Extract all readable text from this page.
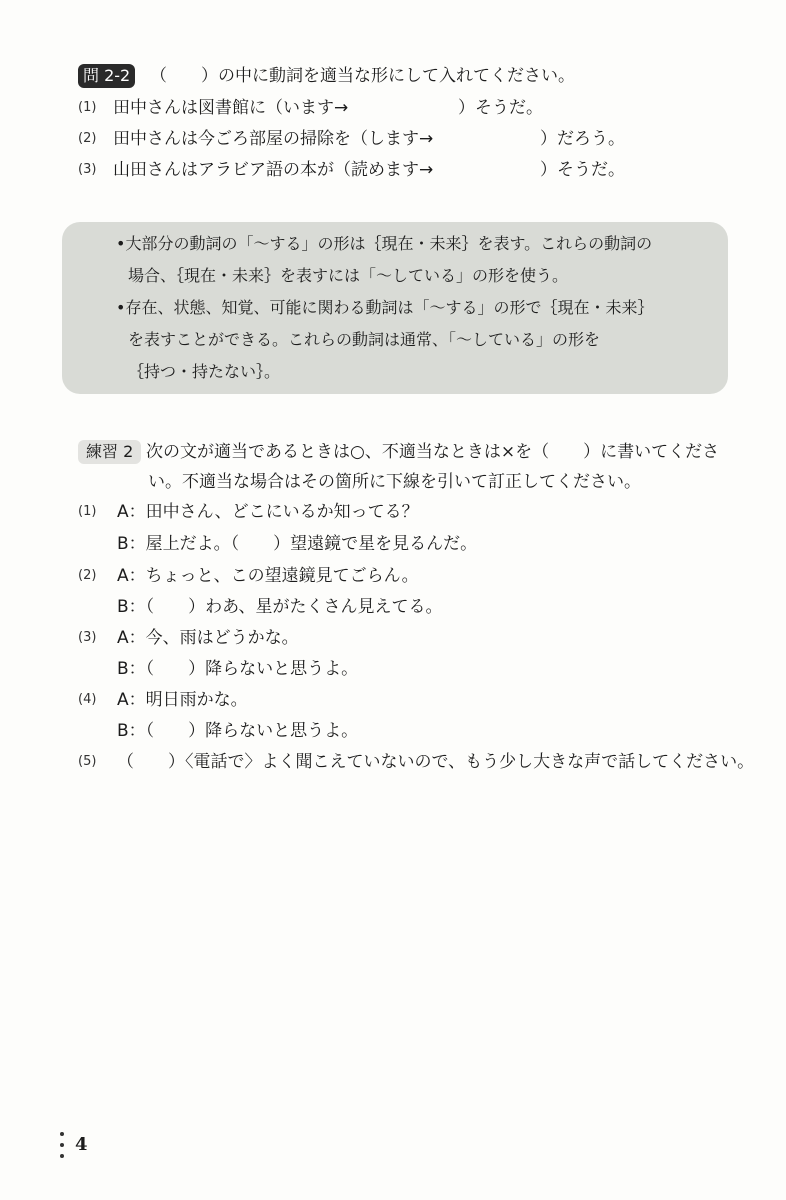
問 2-2 （　　）の中に動詞を適当な形にして入れてください。
(1) 田中さんは図書館に（います→	）そうだ。
(2) 田中さんは今ごろ部屋の掃除を（します→	）だろう。
(3) 山田さんはアラビア語の本が（読めます→	）そうだ。
•大部分の動詞の「～する」の形は｛現在・未来｝を表す。これらの動詞の
場合、｛現在・未来｝を表すには「～している」の形を使う。
•存在、状態、知覚、可能に関わる動詞は「～する」の形で｛現在・未来｝
を表すことができる。これらの動詞は通常、「～している」の形を
｛持つ・持たない｝。
練習 2 次の文が適当であるときは○、不適当なときは×を（　　）に書いてくださ
い。不適当な場合はその箇所に下線を引いて訂正してください。
(1) A：田中さん、どこにいるか知ってる？
B：屋上だよ。（　　）望遠鏡で星を見るんだ。
(2) A：ちょっと、この望遠鏡見てごらん。
B：（　　）わあ、星がたくさん見えてる。
(3) A：今、雨はどうかな。
B：（　　）降らないと思うよ。
(4) A：明日雨かな。
B：（　　）降らないと思うよ。
(5) （　　）〈電話で〉よく聞こえていないので、もう少し大きな声で話してください。
4
